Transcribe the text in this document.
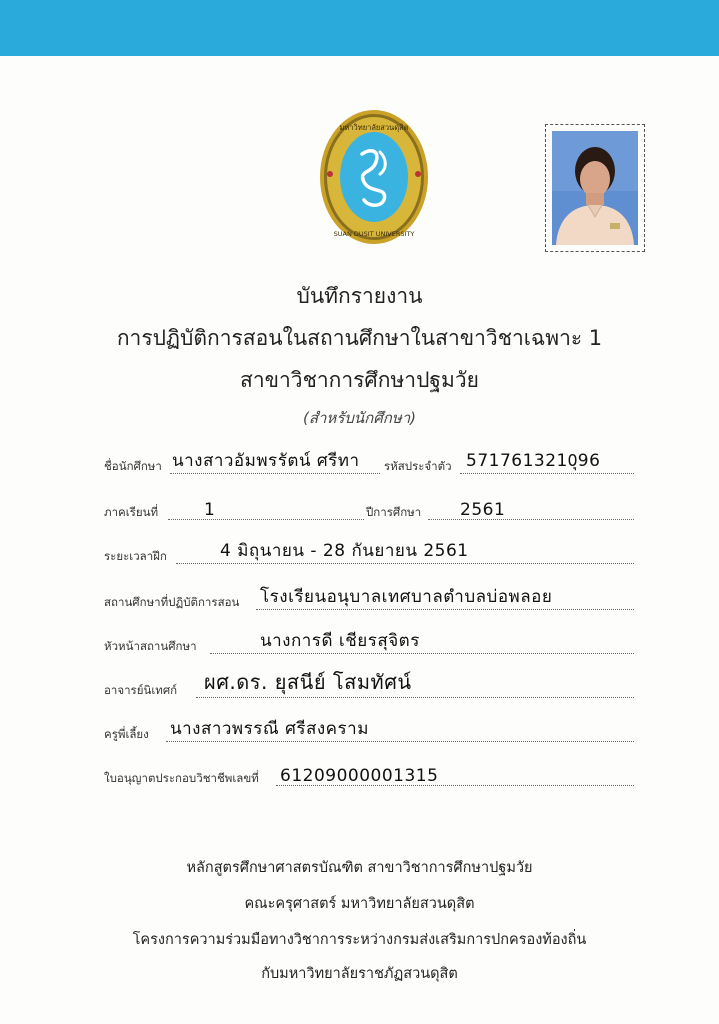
มหาวิทยาลัยสวนดุสิต
SUAN DUSIT UNIVERSITY
บันทึกรายงาน
การปฏิบัติการสอนในสถานศึกษาในสาขาวิชาเฉพาะ 1
สาขาวิชาการศึกษาปฐมวัย
(สำหรับนักศึกษา)
ชื่อนักศึกษา นางสาวอัมพรรัตน์ ศรีทา รหัสประจำตัว 5717613210ุ96
ภาคเรียนที่	1	ปีการศึกษา 2561
ระยะเวลาฝึก	4 มิถุนายน - 28 กันยายน 2561
สถานศึกษาที่ปฏิบัติการสอน โรงเรียนอนุบาลเทศบาลตำบลบ่อพลอย
หัวหน้าสถานศึกษา	นางการดี เชียรสุจิตร
อาจารย์นิเทศก์ ผศ.ดร. ยุสนีย์ โสมทัศน์
ครูพี่เลี้ยง นางสาวพรรณี ศรีสงคราม
ใบอนุญาตประกอบวิชาชีพเลขที่ 61209000001315
หลักสูตรศึกษาศาสตรบัณฑิต สาขาวิชาการศึกษาปฐมวัย
คณะครุศาสตร์ มหาวิทยาลัยสวนดุสิต
โครงการความร่วมมือทางวิชาการระหว่างกรมส่งเสริมการปกครองท้องถิ่น
กับมหาวิทยาลัยราชภัฏสวนดุสิต
